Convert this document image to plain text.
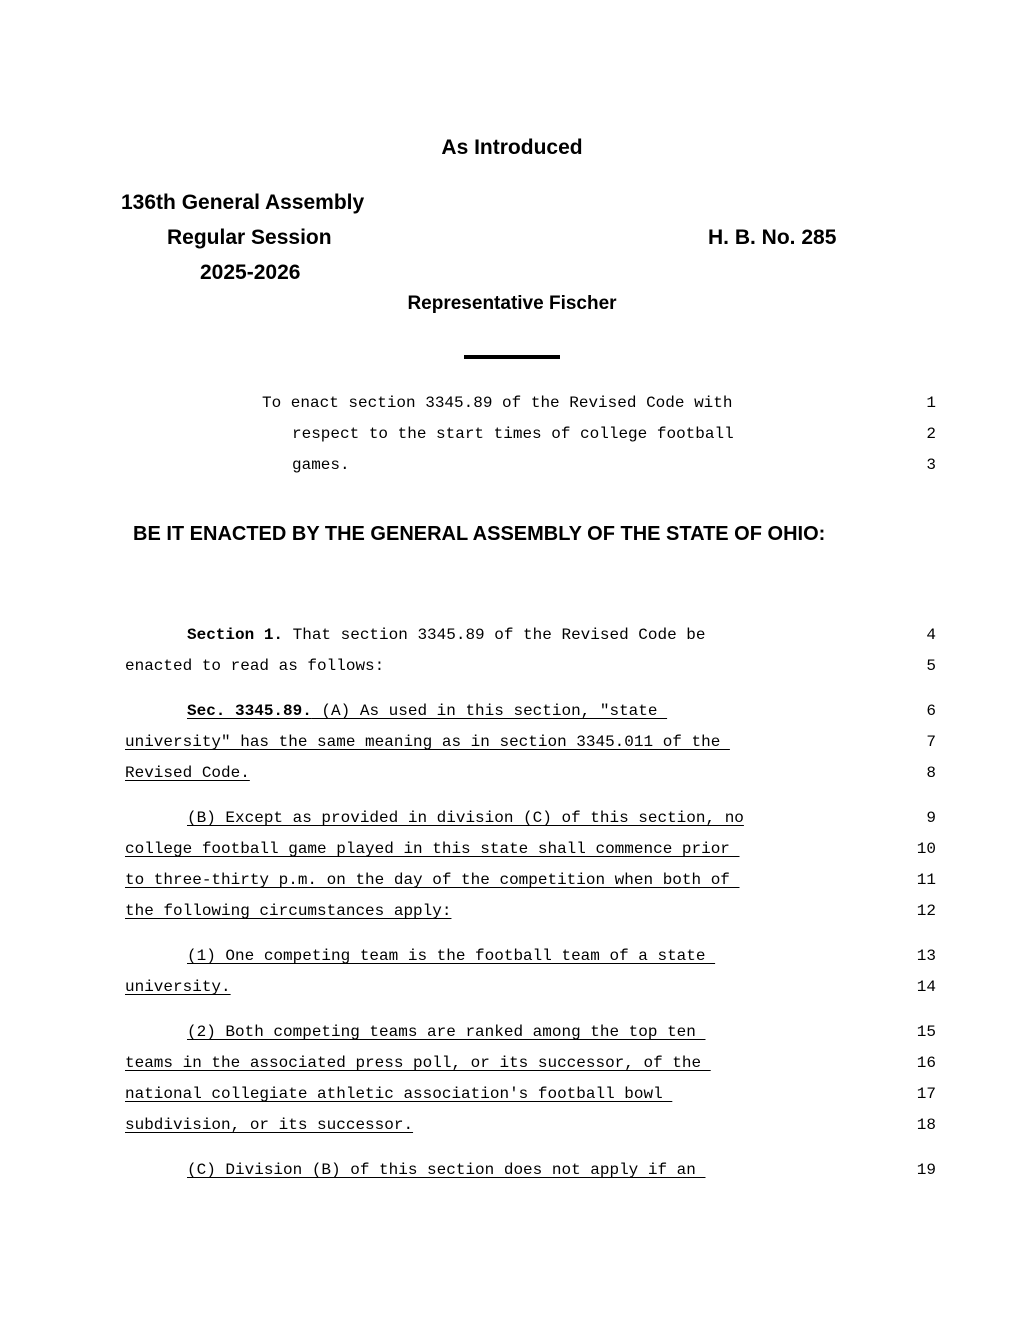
As Introduced
136th General Assembly
Regular Session
2025-2026
H. B. No. 285
Representative Fischer
To enact section 3345.89 of the Revised Code with
respect to the start times of college football
games.
1
2
3
BE IT ENACTED BY THE GENERAL ASSEMBLY OF THE STATE OF OHIO:
Section 1. That section 3345.89 of the Revised Code be
enacted to read as follows:
Sec. 3345.89. (A) As used in this section, "state
university" has the same meaning as in section 3345.011 of the
Revised Code.
(B) Except as provided in division (C) of this section, no
college football game played in this state shall commence prior
to three-thirty p.m. on the day of the competition when both of
the following circumstances apply:
(1) One competing team is the football team of a state
university.
(2) Both competing teams are ranked among the top ten
teams in the associated press poll, or its successor, of the
national collegiate athletic association's football bowl
subdivision, or its successor.
(C) Division (B) of this section does not apply if an
4
5
6
7
8
9
10
11
12
13
14
15
16
17
18
19
